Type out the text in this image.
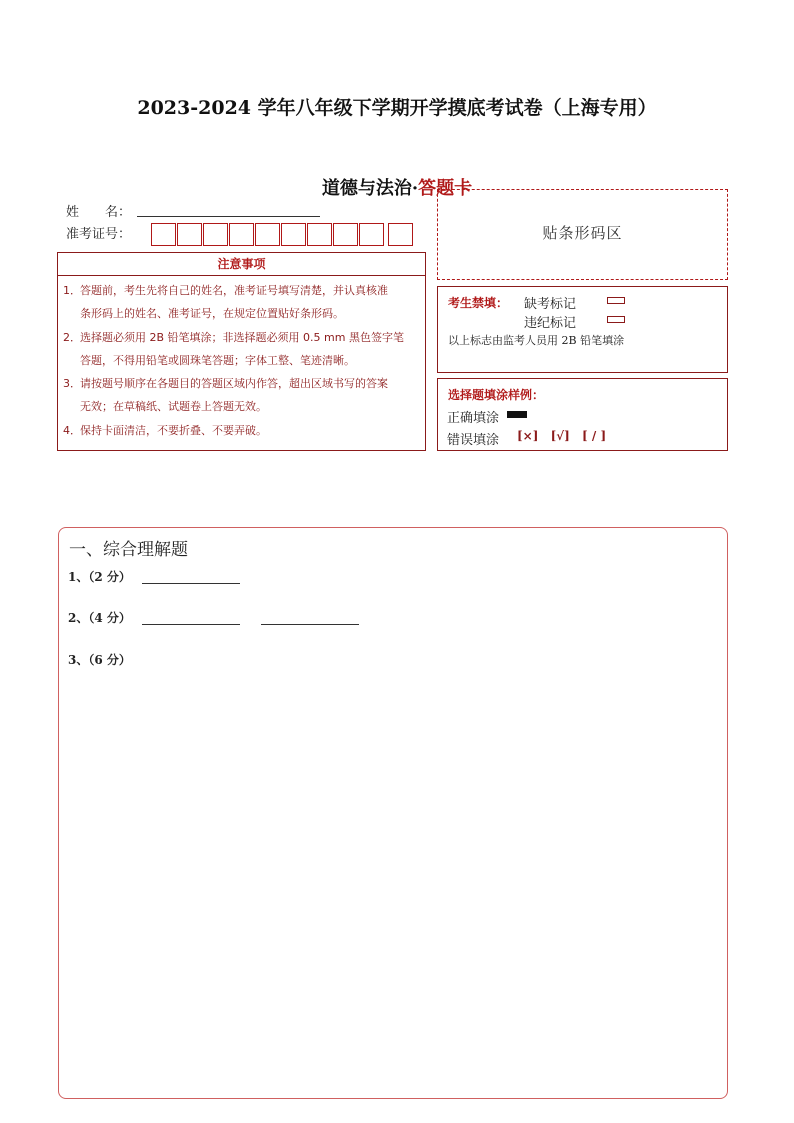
2023-2024 学年八年级下学期开学摸底考试卷（上海专用）
道德与法治·答题卡
姓　　名：
准考证号：	贴条形码区
注意事项
1．答题前，考生先将自己的姓名，准考证号填写清楚，并认真核准
条形码上的姓名、准考证号，在规定位置贴好条形码。
2．选择题必须用 2B 铅笔填涂；非选择题必须用 0.5 mm 黑色签字笔
答题，不得用铅笔或圆珠笔答题；字体工整、笔迹清晰。
3．请按题号顺序在各题目的答题区域内作答，超出区域书写的答案
无效；在草稿纸、试题卷上答题无效。
4．保持卡面清洁，不要折叠、不要弄破。
考生禁填： 缺考标记
违纪标记
以上标志由监考人员用 2B 铅笔填涂
选择题填涂样例：
正确填涂
错误填涂 [×] [√] [ / ]
一、综合理解题
1、（2 分）
2、（4 分）
3、（6 分）
